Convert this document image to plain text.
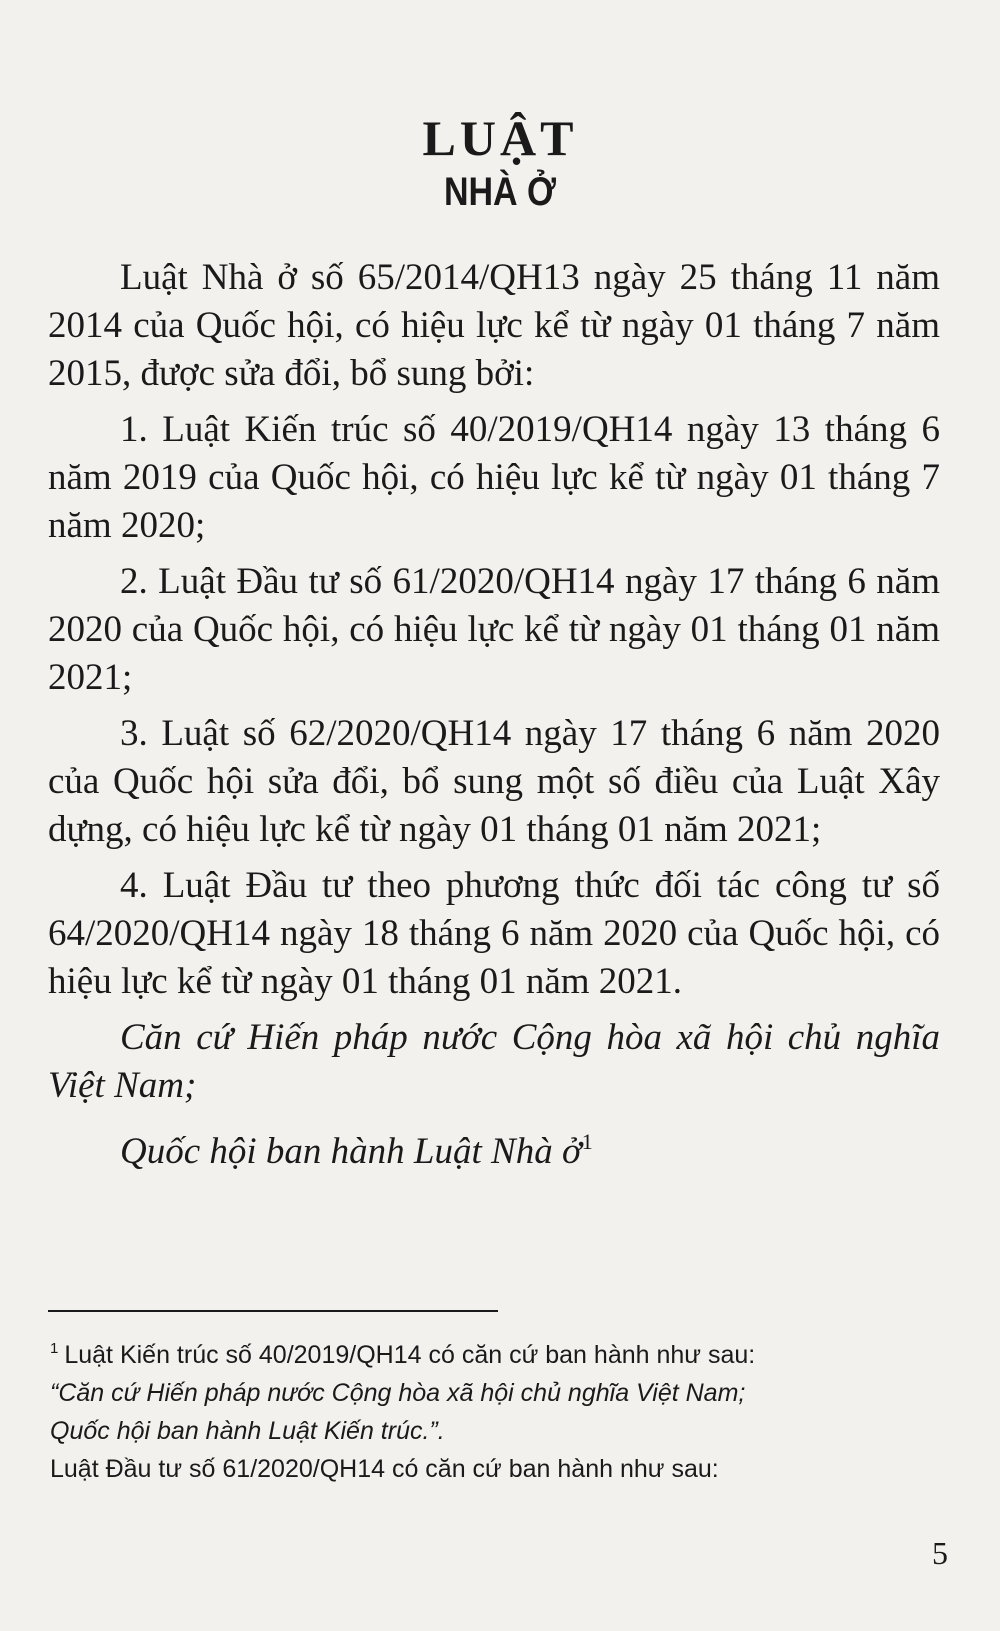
LUẬT
NHÀ Ở

Luật Nhà ở số 65/2014/QH13 ngày 25 tháng 11 năm 2014 của Quốc hội, có hiệu lực kể từ ngày 01 tháng 7 năm 2015, được sửa đổi, bổ sung bởi:

1. Luật Kiến trúc số 40/2019/QH14 ngày 13 tháng 6 năm 2019 của Quốc hội, có hiệu lực kể từ ngày 01 tháng 7 năm 2020;

2. Luật Đầu tư số 61/2020/QH14 ngày 17 tháng 6 năm 2020 của Quốc hội, có hiệu lực kể từ ngày 01 tháng 01 năm 2021;

3. Luật số 62/2020/QH14 ngày 17 tháng 6 năm 2020 của Quốc hội sửa đổi, bổ sung một số điều của Luật Xây dựng, có hiệu lực kể từ ngày 01 tháng 01 năm 2021;

4. Luật Đầu tư theo phương thức đối tác công tư số 64/2020/QH14 ngày 18 tháng 6 năm 2020 của Quốc hội, có hiệu lực kể từ ngày 01 tháng 01 năm 2021.

Căn cứ Hiến pháp nước Cộng hòa xã hội chủ nghĩa Việt Nam;

Quốc hội ban hành Luật Nhà ở$^1$

$^1$ Luật Kiến trúc số 40/2019/QH14 có căn cứ ban hành như sau:
“Căn cứ Hiến pháp nước Cộng hòa xã hội chủ nghĩa Việt Nam;
Quốc hội ban hành Luật Kiến trúc.”.
Luật Đầu tư số 61/2020/QH14 có căn cứ ban hành như sau:
5
